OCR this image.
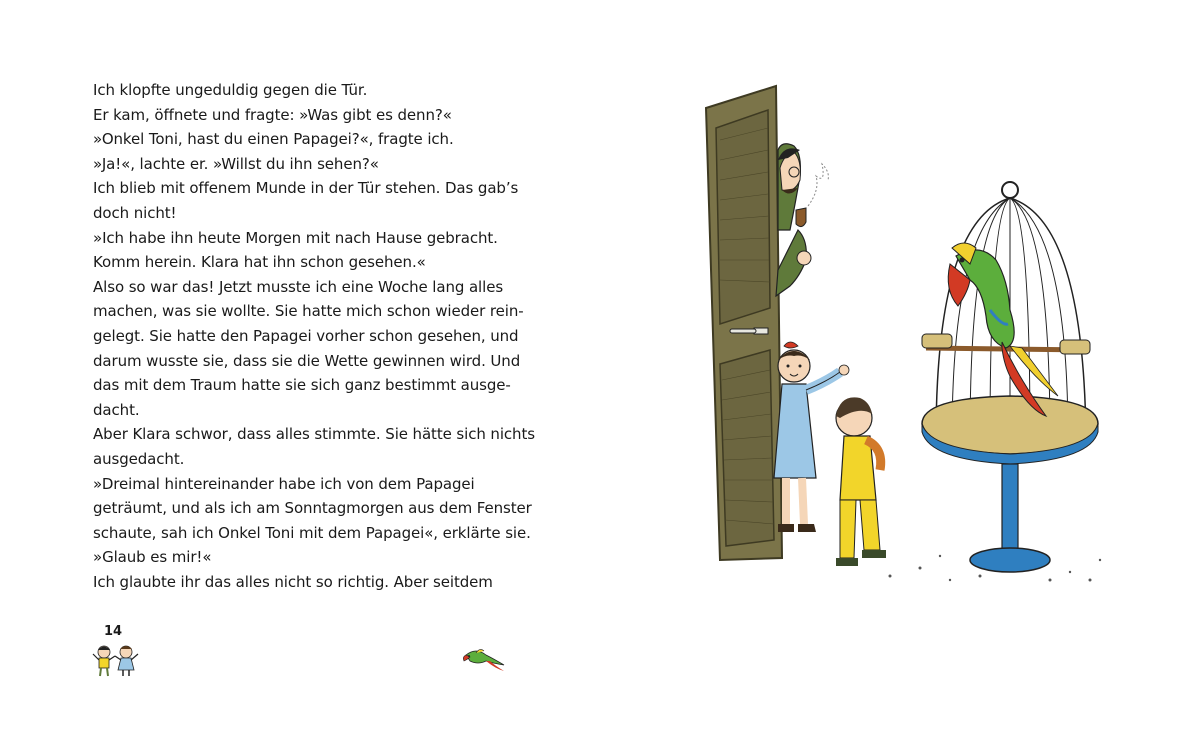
Ich klopfte ungeduldig gegen die Tür.
Er kam, öffnete und fragte: »Was gibt es denn?«
»Onkel Toni, hast du einen Papagei?«, fragte ich.
»Ja!«, lachte er. »Willst du ihn sehen?«
Ich blieb mit offenem Munde in der Tür stehen. Das gab’s
doch nicht!
»Ich habe ihn heute Morgen mit nach Hause gebracht.
Komm herein. Klara hat ihn schon gesehen.«
Also so war das! Jetzt musste ich eine Woche lang alles
machen, was sie wollte. Sie hatte mich schon wieder rein-
gelegt. Sie hatte den Papagei vorher schon gesehen, und
darum wusste sie, dass sie die Wette gewinnen wird. Und
das mit dem Traum hatte sie sich ganz bestimmt ausge-
dacht.
Aber Klara schwor, dass alles stimmte. Sie hätte sich nichts
ausgedacht.
»Dreimal hintereinander habe ich von dem Papagei
geträumt, und als ich am Sonntagmorgen aus dem Fenster
schaute, sah ich Onkel Toni mit dem Papagei«, erklärte sie.
»Glaub es mir!«
Ich glaubte ihr das alles nicht so richtig. Aber seitdem
14
